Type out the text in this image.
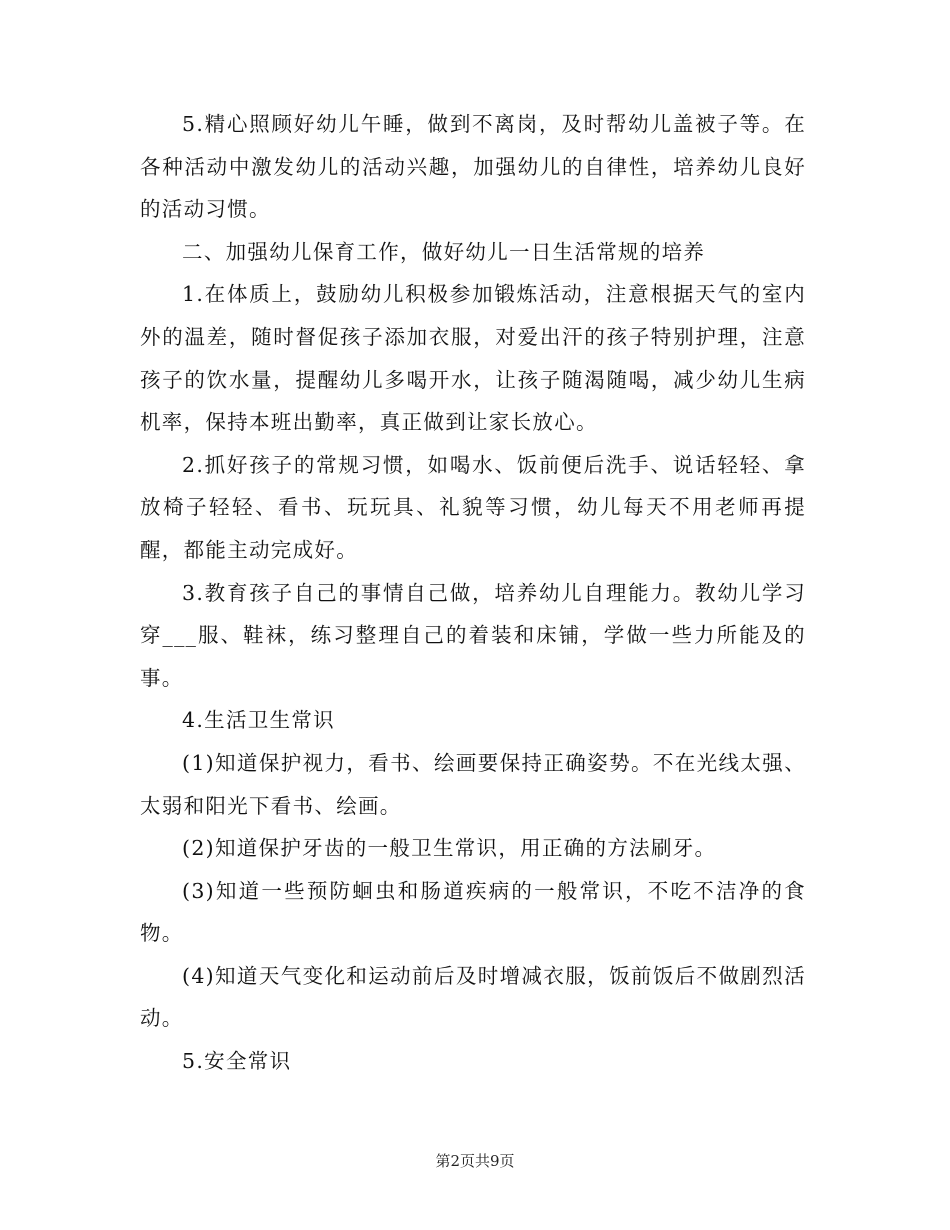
5.精心照顾好幼儿午睡，做到不离岗，及时帮幼儿盖被子等。在各种活动中激发幼儿的活动兴趣，加强幼儿的自律性，培养幼儿良好的活动习惯。

二、加强幼儿保育工作，做好幼儿一日生活常规的培养

1.在体质上，鼓励幼儿积极参加锻炼活动，注意根据天气的室内外的温差，随时督促孩子添加衣服，对爱出汗的孩子特别护理，注意孩子的饮水量，提醒幼儿多喝开水，让孩子随渴随喝，减少幼儿生病机率，保持本班出勤率，真正做到让家长放心。

2.抓好孩子的常规习惯，如喝水、饭前便后洗手、说话轻轻、拿放椅子轻轻、看书、玩玩具、礼貌等习惯，幼儿每天不用老师再提醒，都能主动完成好。

3.教育孩子自己的事情自己做，培养幼儿自理能力。教幼儿学习穿___服、鞋袜，练习整理自己的着装和床铺，学做一些力所能及的事。

4.生活卫生常识

(1)知道保护视力，看书、绘画要保持正确姿势。不在光线太强、太弱和阳光下看书、绘画。

(2)知道保护牙齿的一般卫生常识，用正确的方法刷牙。

(3)知道一些预防蛔虫和肠道疾病的一般常识，不吃不洁净的食物。

(4)知道天气变化和运动前后及时增减衣服，饭前饭后不做剧烈活动。

5.安全常识

第2页共9页
